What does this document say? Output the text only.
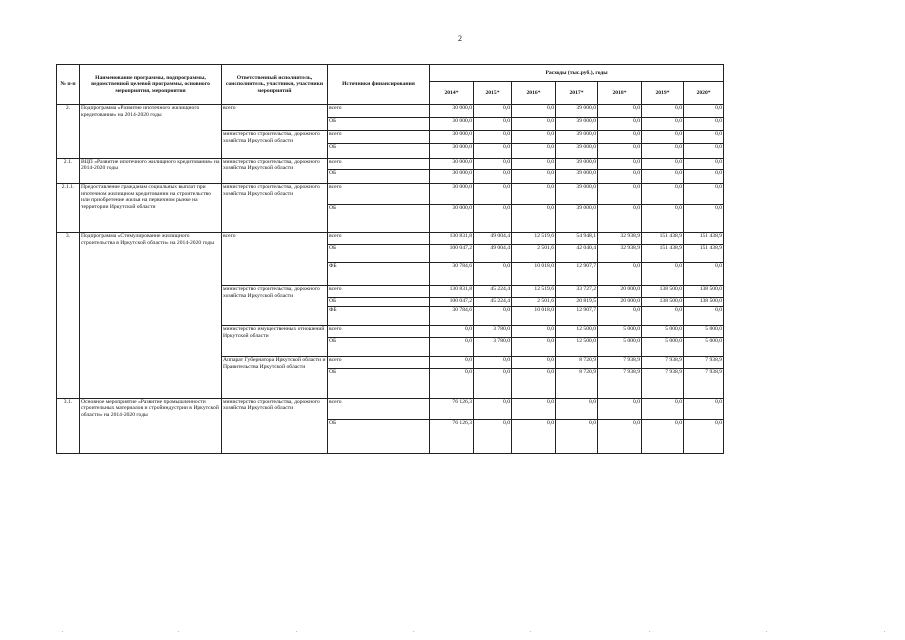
2
№ п-п	Наименование программы, подпрограммы, ведомственной целевой программы, основного мероприятия, мероприятия	Ответственный исполнитель, соисполнитель, участники, участники мероприятий	Источники финансирования	Расходы (тыс.руб.), годы						
				2014*	2015*	2016*	2017*	2018*	2019*	2020*
2.	Подпрограмма «Развитие ипотечного жилищного кредитования» на 2014-2020 годы	всего	всего	30 000,0	0,0	0,0	39 000,0	0,0	0,0	0,0
			ОБ	30 000,0	0,0	0,0	39 000,0	0,0	0,0	0,0
		министерство строительства, дорожного хозяйства Иркутской области	всего	30 000,0	0,0	0,0	39 000,0	0,0	0,0	0,0
			ОБ	30 000,0	0,0	0,0	39 000,0	0,0	0,0	0,0
2.1.	ВЦП «Развитие ипотечного жилищного кредитования» на 2014-2020 годы	министерство строительства, дорожного хозяйства Иркутской области	всего	30 000,0	0,0	0,0	39 000,0	0,0	0,0	0,0
			ОБ	30 000,0	0,0	0,0	39 000,0	0,0	0,0	0,0
2.1.1.	Предоставление гражданам социальных выплат при ипотечном жилищном кредитовании на строительство или приобретение жилья на первичном рынке на территории Иркутской области	министерство строительства, дорожного хозяйства Иркутской области	всего	30 000,0	0,0	0,0	39 000,0	0,0	0,0	0,0
			ОБ	30 000,0	0,0	0,0	39 000,0	0,0	0,0	0,0
3.	Подпрограмма «Стимулирование жилищного строительства в Иркутской области» на 2014-2020 годы	всего	всего	130 831,8	49 004,4	12 519,6	54 948,1	32 938,9	151 438,9	151 438,9
			ОБ	100 047,2	49 004,4	2 501,6	42 040,4	32 938,9	151 438,9	151 438,9
			ФБ	30 784,6	0,0	10 018,0	12 907,7	0,0	0,0	0,0
		министерство строительства, дорожного хозяйства Иркутской области	всего	130 831,8	45 224,4	12 519,6	33 727,2	20 000,0	138 500,0	138 500,0
			ОБ	100 047,2	45 224,4	2 501,6	20 819,5	20 000,0	138 500,0	138 500,0
			ФБ	30 784,6	0,0	10 018,0	12 907,7	0,0	0,0	0,0
		министерство имущественных отношений Иркутской области	всего	0,0	3 780,0	0,0	12 500,0	5 000,0	5 000,0	5 000,0
			ОБ	0,0	3 780,0	0,0	12 500,0	5 000,0	5 000,0	5 000,0
		Аппарат Губернатора Иркутской области и Правительства Иркутской области	всего	0,0	0,0	0,0	8 720,9	7 938,9	7 938,9	7 938,9
			ОБ	0,0	0,0	0,0	8 720,9	7 938,9	7 938,9	7 938,9
3.1.	Основное мероприятие «Развитие промышленности строительных материалов и стройиндустрии в Иркутской области» на 2014-2020 годы	министерство строительства, дорожного хозяйства Иркутской области	всего	76 126,3	0,0	0,0	0,0	0,0	0,0	0,0
			ОБ	76 126,3	0,0	0,0	0,0	0,0	0,0	0,0
.	.	.	.	.	.	.	.
